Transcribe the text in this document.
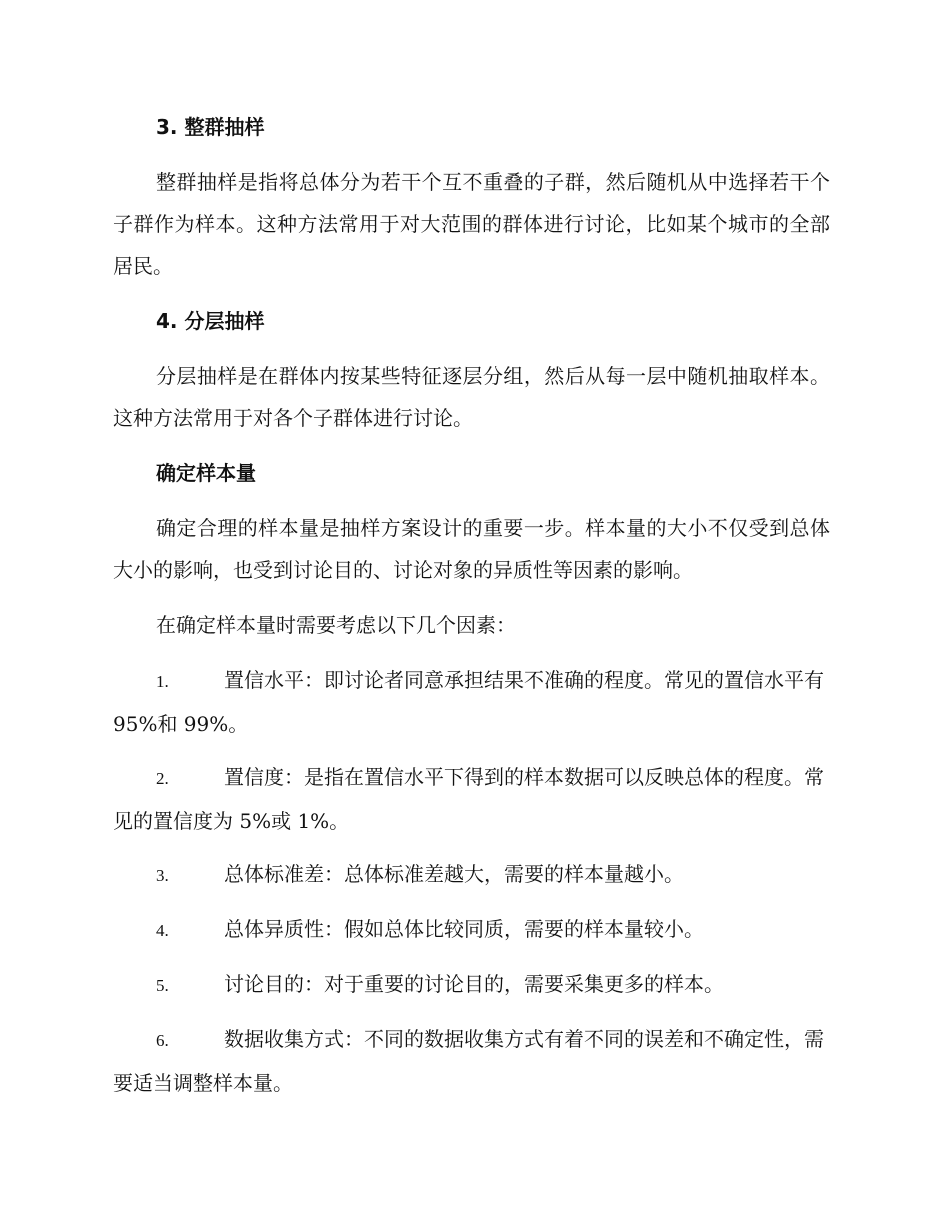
3. 整群抽样

整群抽样是指将总体分为若干个互不重叠的子群，然后随机从中选择若干个子群作为样本。这种方法常用于对大范围的群体进行讨论，比如某个城市的全部居民。

4. 分层抽样

分层抽样是在群体内按某些特征逐层分组，然后从每一层中随机抽取样本。这种方法常用于对各个子群体进行讨论。

确定样本量

确定合理的样本量是抽样方案设计的重要一步。样本量的大小不仅受到总体大小的影响，也受到讨论目的、讨论对象的异质性等因素的影响。

在确定样本量时需要考虑以下几个因素：

1.	置信水平：即讨论者同意承担结果不准确的程度。常见的置信水平有 95%和 99%。

2.	置信度：是指在置信水平下得到的样本数据可以反映总体的程度。常见的置信度为 5%或 1%。

3.	总体标准差：总体标准差越大，需要的样本量越小。

4.	总体异质性：假如总体比较同质，需要的样本量较小。

5.	讨论目的：对于重要的讨论目的，需要采集更多的样本。

6.	数据收集方式：不同的数据收集方式有着不同的误差和不确定性，需要适当调整样本量。
